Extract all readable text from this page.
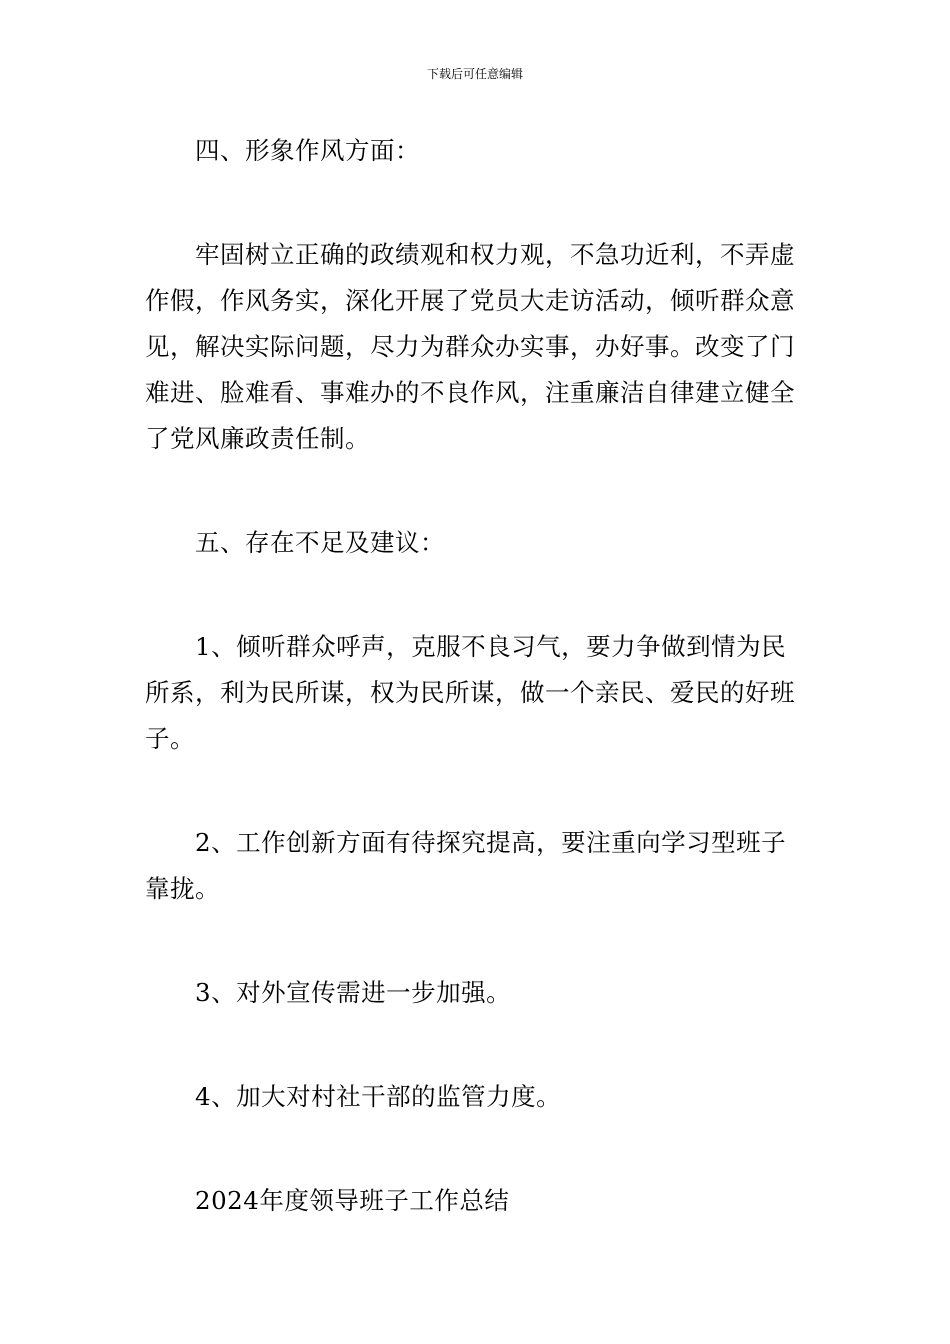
下载后可任意编辑

四、形象作风方面：

牢固树立正确的政绩观和权力观，不急功近利，不弄虚作假，作风务实，深化开展了党员大走访活动，倾听群众意见，解决实际问题，尽力为群众办实事，办好事。改变了门难进、脸难看、事难办的不良作风，注重廉洁自律建立健全了党风廉政责任制。

五、存在不足及建议：

1、倾听群众呼声，克服不良习气，要力争做到情为民所系，利为民所谋，权为民所谋，做一个亲民、爱民的好班子。

2、工作创新方面有待探究提高，要注重向学习型班子靠拢。

3、对外宣传需进一步加强。

4、加大对村社干部的监管力度。

2024年度领导班子工作总结
